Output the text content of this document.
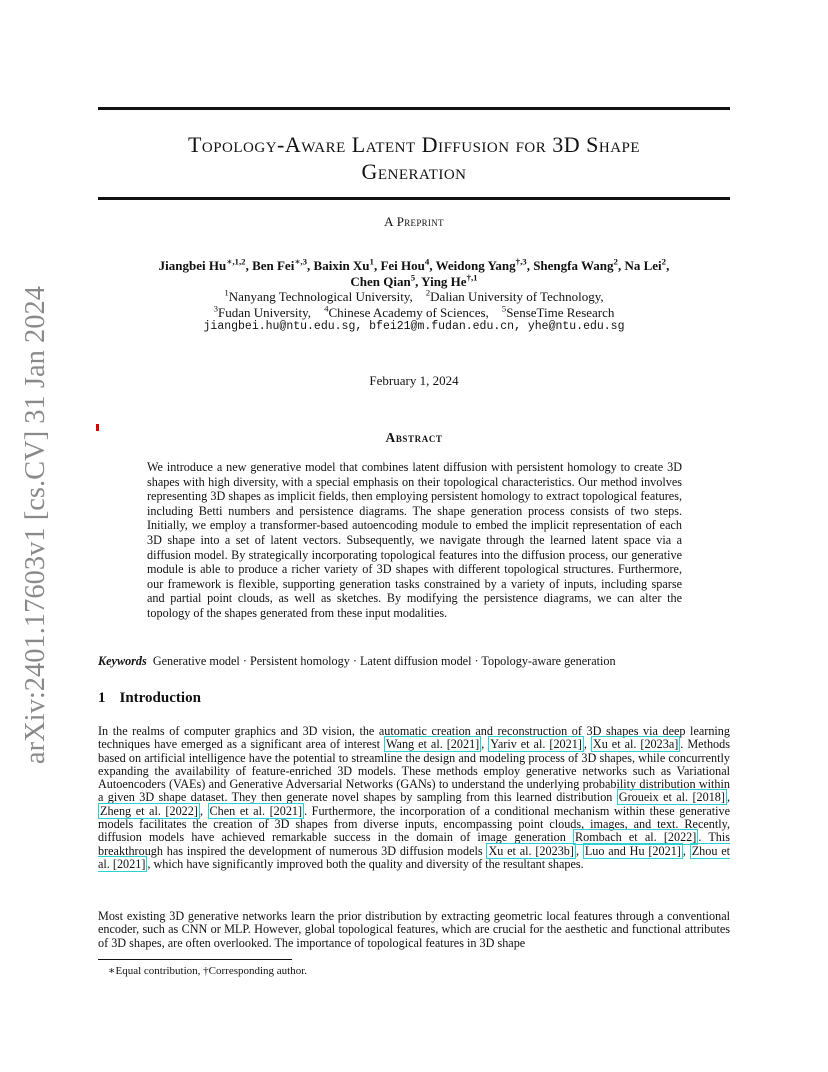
arXiv:2401.17603v1 [cs.CV] 31 Jan 2024
Topology-Aware Latent Diffusion for 3D Shape
Generation
A Preprint
Jiangbei $Hu^{∗,1,2}$, Ben Fei$^{∗,3}$, Baixin Xu$^1$, Fei Hou$^4$, Weidong Yang$^{\dagger,3}$, Shengfa Wang$^2$, Na Lei$^2$,
Chen Qian$^5$, Ying $He^{\dagger,1}$
$^1$Nanyang Technological University, $^2$Dalian University of Technology,
$^3$Fudan University, $^4$Chinese Academy of Sciences, $^5$SenseTime Research
jiangbei.hu@ntu.edu.sg, bfei21@m.fudan.edu.cn, yhe@ntu.edu.sg
February 1, 2024
Abstract
We introduce a new generative model that combines latent diffusion with persistent homology to create 3D shapes with high diversity, with a special emphasis on their topological characteristics. Our method involves representing 3D shapes as implicit fields, then employing persistent homology to extract topological features, including Betti numbers and persistence diagrams. The shape generation process consists of two steps. Initially, we employ a transformer-based autoencoding module to embed the implicit representation of each 3D shape into a set of latent vectors. Subsequently, we navigate through the learned latent space via a diffusion model. By strategically incorporating topological features into the diffusion process, our generative module is able to produce a richer variety of 3D shapes with different topological structures. Furthermore, our framework is flexible, supporting generation tasks constrained by a variety of inputs, including sparse and partial point clouds, as well as sketches. By modifying the persistence diagrams, we can alter the topology of the shapes generated from these input modalities.
Keywords Generative model · Persistent homology · Latent diffusion model · Topology-aware generation
1 Introduction
In the realms of computer graphics and 3D vision, the automatic creation and reconstruction of 3D shapes via deep learning techniques have emerged as a significant area of interest Wang et al. [2021] , Yariv et al. [2021] , Xu et al. [2023a] . Methods based on artificial intelligence have the potential to streamline the design and modeling process of 3D shapes, while concurrently expanding the availability of feature-enriched 3D models. These methods employ generative networks such as Variational Autoencoders (VAEs) and Generative Adversarial Networks (GANs) to understand the underlying probability distribution within a given 3D shape dataset. They then generate novel shapes by sampling from this learned distribution Groueix et al. [2018] , Zheng et al. [2022] , Chen et al. [2021] . Furthermore, the incorporation of a conditional mechanism within these generative models facilitates the creation of 3D shapes from diverse inputs, encompassing point clouds, images, and text. Recently, diffusion models have achieved remarkable success in the domain of image generation Rombach et al. [2022] . This breakthrough has inspired the development of numerous 3D diffusion models Xu et al. [2023b] , Luo and Hu [2021] , Zhou et al. [2021] , which have significantly improved both the quality and diversity of the resultant shapes.
Most existing 3D generative networks learn the prior distribution by extracting geometric local features through a conventional encoder, such as CNN or MLP. However, global topological features, which are crucial for the aesthetic and functional attributes of 3D shapes, are often overlooked. The importance of topological features in 3D shape
∗Equal contribution, †Corresponding author.
